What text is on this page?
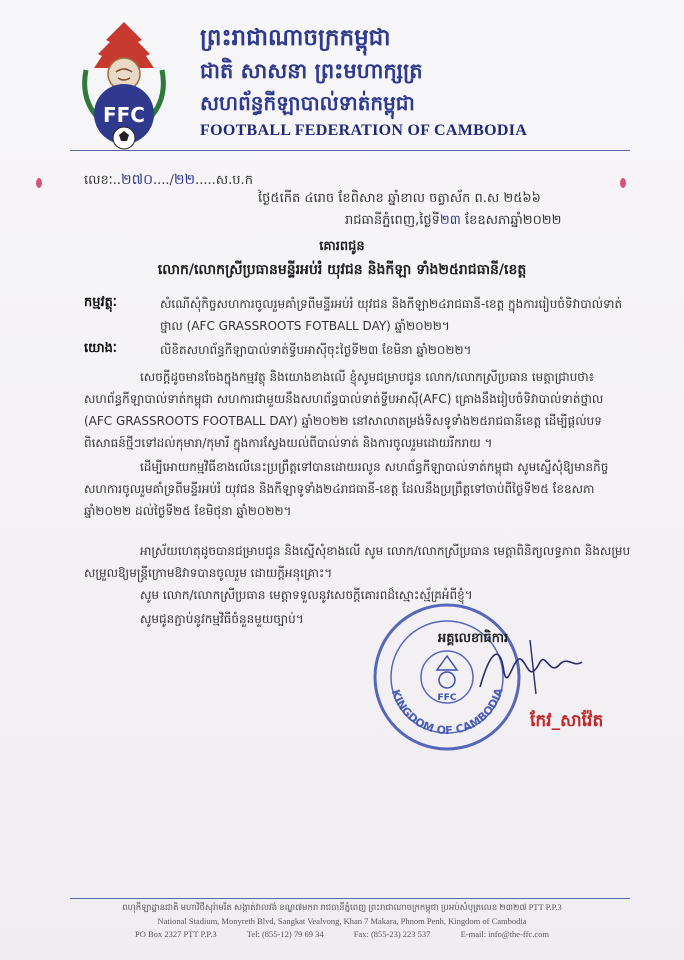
FFC
ព្រះរាជាណាចក្រកម្ពុជា
ជាតិ សាសនា ព្រះមហាក្សត្រ
សហព័ន្ធកីឡាបាល់ទាត់កម្ពុជា
FOOTBALL FEDERATION OF CAMBODIA
លេខៈ..២៧០..../២២.....ស.ប.ក
ថ្ងៃ៥កើត ៤រោច ខែពិសាខ ឆ្នាំខាល ចត្វាស័ក ព.ស ២៥៦៦
រាជធានីភ្នំពេញ,ថ្ងៃទី២៣ ខែឧសភាឆ្នាំ២០២២
គោរពជូន
លោក/លោកស្រីប្រធានមន្ទីរអប់រំ យុវជន និងកីឡា ទាំង២៥រាជធានី/ខេត្ត
កម្មវត្ថុៈ	សំណើសុំកិច្ចសហការចូលរួមគាំទ្រពីមន្ទីរអប់រំ យុវជន និងកីឡា២៤រាជធានី-ខេត្ត ក្នុងការរៀបចំទិវាបាល់ទាត់
ថ្នាល (AFC GRASSROOTS FOTBALL DAY) ឆ្នាំ២០២២។
យោងៈ	លិខិតសហព័ន្ធកីឡាបាល់ទាត់ទ្វីបអាស៊ីចុះថ្ងៃទី២៣ ខែមិនា ឆ្នាំ២០២២។
សេចក្តីដូចមានចែងក្នុងកម្មវត្ថុ និងយោងខាងលើ ខ្ញុំសូមជម្រាបជូន លោក/លោកស្រីប្រធាន មេត្តាជ្រាបថា៖ សហព័ន្ធកីឡាបាល់ទាត់កម្ពុជា សហការជាមួយនឹងសហព័ន្ធបាល់ទាត់ទ្វីបអាស៊ី(AFC) គ្រោងនឹងរៀបចំទិវាបាល់ទាត់ថ្នាល (AFC GRASSROOTS FOOTBALL DAY) ឆ្នាំ២០២២ នៅសាលាតម្រង់ទិសទូទាំង២៥រាជធានីខេត្ត ដើម្បីផ្តល់បទពិសោធន៍ថ្មីៗទៅដល់កុមារា/កុមារី ក្នុងការស្វែងយល់ពីបាល់ទាត់ និងការចូលរួមដោយរីករាយ ។
ដើម្បីអោយកម្មវិធីខាងលើនេះប្រព្រឹត្តទៅបានដោយរលូន សហព័ន្ធកីឡាបាល់ទាត់កម្ពុជា សូមស្នើសុំឱ្យមានកិច្ចសហការចូលរួមគាំទ្រពីមន្ទីរអប់រំ យុវជន និងកីឡាទូទាំង២៤រាជធានី-ខេត្ត ដែលនឹងប្រព្រឹត្តទៅចាប់ពីថ្ងៃទី២៥ ខែឧសភា ឆ្នាំ២០២២ ដល់ថ្ងៃទី២៥ ខែមិថុនា ឆ្នាំ២០២២។
អាស្រ័យហេតុដូចបានជម្រាបជូន និងស្នើសុំខាងលើ សូម លោក/លោកស្រីប្រធាន មេត្តាពិនិត្យលទ្ធភាព និងសម្របសម្រួលឱ្យមន្ត្រីក្រោមឱវាទបានចូលរួម ដោយក្តីអនុគ្រោះ។
សូម លោក/លោកស្រីប្រធាន មេត្តាទទួលនូវសេចក្តីគោរពដ៏ស្មោះស្ម័គ្រអំពីខ្ញុំ។
សូមជូនភ្ជាប់នូវកម្មវិធីចំនួនមួយច្បាប់។
FFC
KINGDOM OF CAMBODIA
អគ្គលេខាធិការ
កែវ_សាវ៉ែត
ពហុកីឡាដ្ឋានជាតិ មហាវិថីសុរ៉ាមរិត សង្កាត់វាលវង់ ខណ្ឌ៧មករា រាជធានីភ្នំពេញ ព្រះរាជាណាចក្រកម្ពុជា ប្រអប់សំបុត្រលេខ ២៣២៧ PTT P.P.3
National Stadium, Monyreth Blvd, Sangkat Vealvong, Khan 7 Makara, Phnom Penh, Kingdom of Cambodia
PO Box 2327 PTT P.P.3	Tel: (855-12) 79 69 34	Fax: (855-23) 223 537	E-mail: info@the-ffc.com
